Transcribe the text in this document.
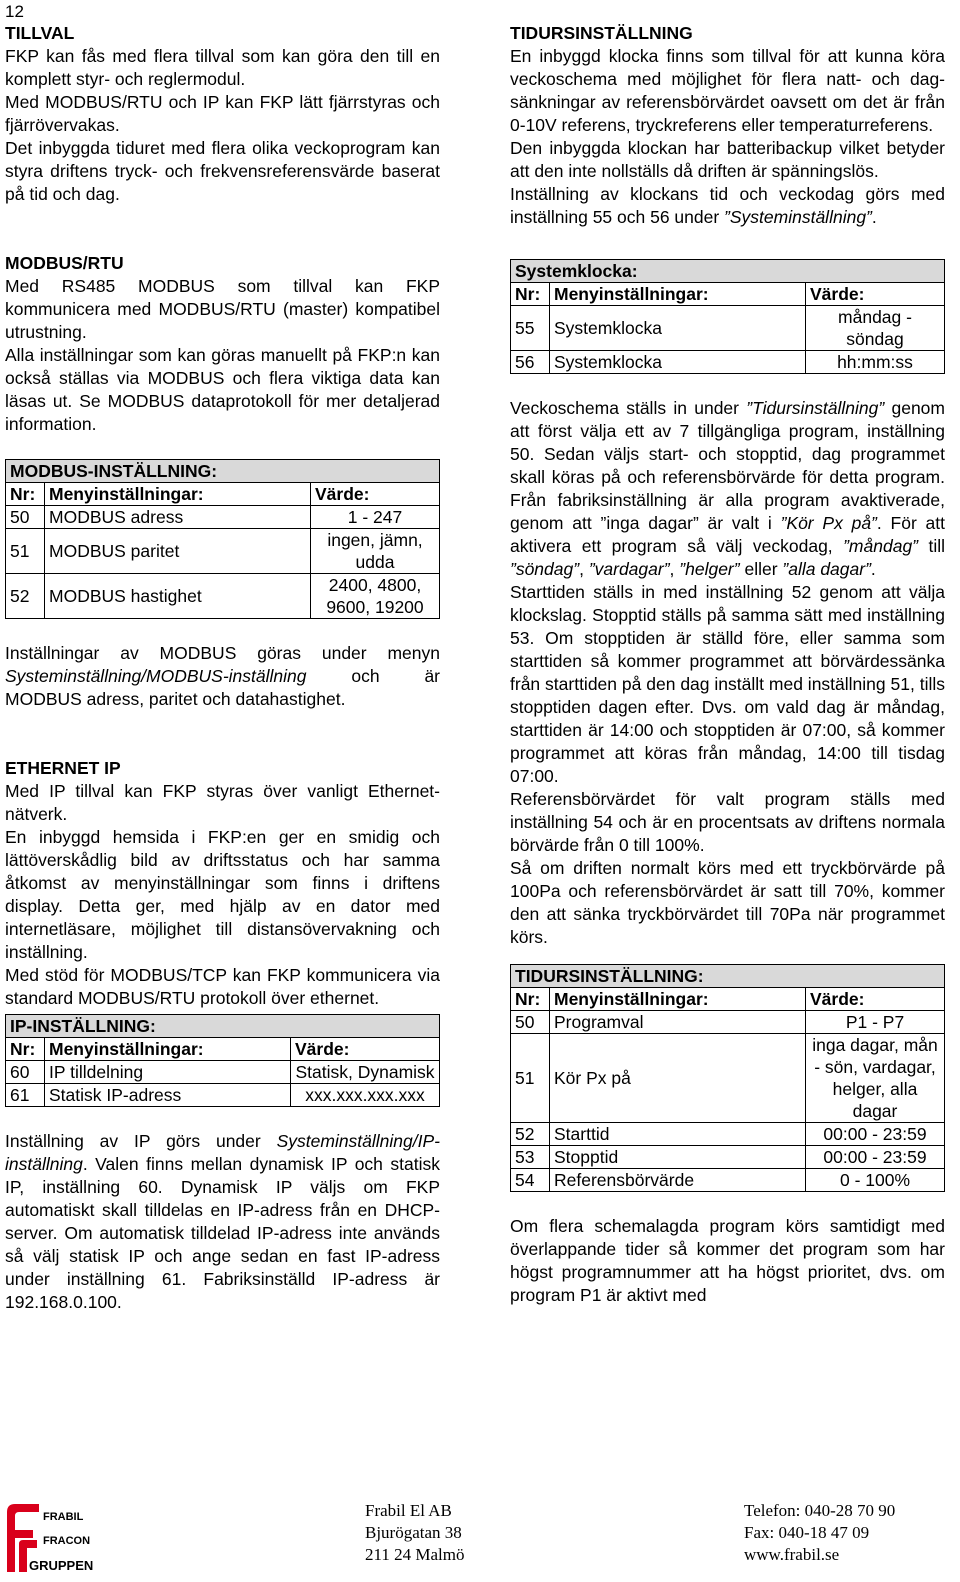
12
TILLVAL

FKP kan fås med flera tillval som kan göra den till en komplett styr- och reglermodul.

Med MODBUS/RTU och IP kan FKP lätt fjärrstyras och fjärrövervakas.

Det inbyggda tiduret med flera olika veckoprogram kan styra driftens tryck- och frekvensreferensvärde baserat på tid och dag.

MODBUS/RTU

Med RS485 MODBUS som tillval kan FKP kommunicera med MODBUS/RTU (master) kompatibel utrustning.

Alla inställningar som kan göras manuellt på FKP:n kan också ställas via MODBUS och flera viktiga data kan läsas ut. Se MODBUS dataprotokoll för mer detaljerad information.

MODBUS-INSTÄLLNING:		
Nr:	Menyinställningar:	Värde:
50	MODBUS adress	1 - 247
51	MODBUS paritet	ingen, jämn, udda
52	MODBUS hastighet	2400, 4800, 9600, 19200

Inställningar av MODBUS göras under menyn Systeminställning/MODBUS-inställning och är MODBUS adress, paritet och datahastighet.

ETHERNET IP

Med IP tillval kan FKP styras över vanligt Ethernet-nätverk.

En inbyggd hemsida i FKP:en ger en smidig och lättöverskådlig bild av driftsstatus och har samma åtkomst av menyinställningar som finns i driftens display. Detta ger, med hjälp av en dator med internetläsare, möjlighet till distansövervakning och inställning.

Med stöd för MODBUS/TCP kan FKP kommunicera via standard MODBUS/RTU protokoll över ethernet.

IP-INSTÄLLNING:		
Nr:	Menyinställningar:	Värde:
60	IP tilldelning	Statisk, Dynamisk
61	Statisk IP-adress	xxx.xxx.xxx.xxx

Inställning av IP görs under Systeminställning/IP-inställning. Valen finns mellan dynamisk IP och statisk IP, inställning 60. Dynamisk IP väljs om FKP automatiskt skall tilldelas en IP-adress från en DHCP-server. Om automatisk tilldelad IP-adress inte används så välj statisk IP och ange sedan en fast IP-adress under inställning 61. Fabriksinställd IP-adress är 192.168.0.100.

TIDURSINSTÄLLNING

En inbyggd klocka finns som tillval för att kunna köra veckoschema med möjlighet för flera natt- och dag-sänkningar av referensbörvärdet oavsett om det är från 0-10V referens, tryckreferens eller temperaturreferens.

Den inbyggda klockan har batteribackup vilket betyder att den inte nollställs då driften är spänningslös.

Inställning av klockans tid och veckodag görs med inställning 55 och 56 under ”Systeminställning”.

Systemklocka:		
Nr:	Menyinställningar:	Värde:
55	Systemklocka	måndag - söndag
56	Systemklocka	hh:mm:ss

Veckoschema ställs in under ”Tidursinställning” genom att först välja ett av 7 tillgängliga program, inställning 50. Sedan väljs start- och stopptid, dag programmet skall köras på och referensbörvärde för detta program. Från fabriksinställning är alla program avaktiverade, genom att ”inga dagar” är valt i ”Kör Px på”. För att aktivera ett program så välj veckodag, ”måndag” till ”söndag”, ”vardagar”, ”helger” eller ”alla dagar”.

Starttiden ställs in med inställning 52 genom att välja klockslag. Stopptid ställs på samma sätt med inställning 53. Om stopptiden är ställd före, eller samma som starttiden så kommer programmet att börvärdessänka från starttiden på den dag inställt med inställning 51, tills stopptiden dagen efter. Dvs. om vald dag är måndag, starttiden är 14:00 och stopptiden är 07:00, så kommer programmet att köras från måndag, 14:00 till tisdag 07:00.

Referensbörvärdet för valt program ställs med inställning 54 och är en procentsats av driftens normala börvärde från 0 till 100%.

Så om driften normalt körs med ett tryckbörvärde på 100Pa och referensbörvärdet är satt till 70%, kommer den att sänka tryckbörvärdet till 70Pa när programmet körs.

TIDURSINSTÄLLNING:		
Nr:	Menyinställningar:	Värde:
50	Programval	P1 - P7
51	Kör Px på	inga dagar, mån - sön, vardagar, helger, alla dagar
52	Starttid	00:00 - 23:59
53	Stopptid	00:00 - 23:59
54	Referensbörvärde	0 - 100%

Om flera schemalagda program körs samtidigt med överlappande tider så kommer det program som har högst programnummer att ha högst prioritet, dvs. om program P1 är aktivt med

FRABIL
FRACON
GRUPPEN
Frabil El AB
Bjurögatan 38
211 24 Malmö
Telefon: 040-28 70 90
Fax: 040-18 47 09
www.frabil.se
